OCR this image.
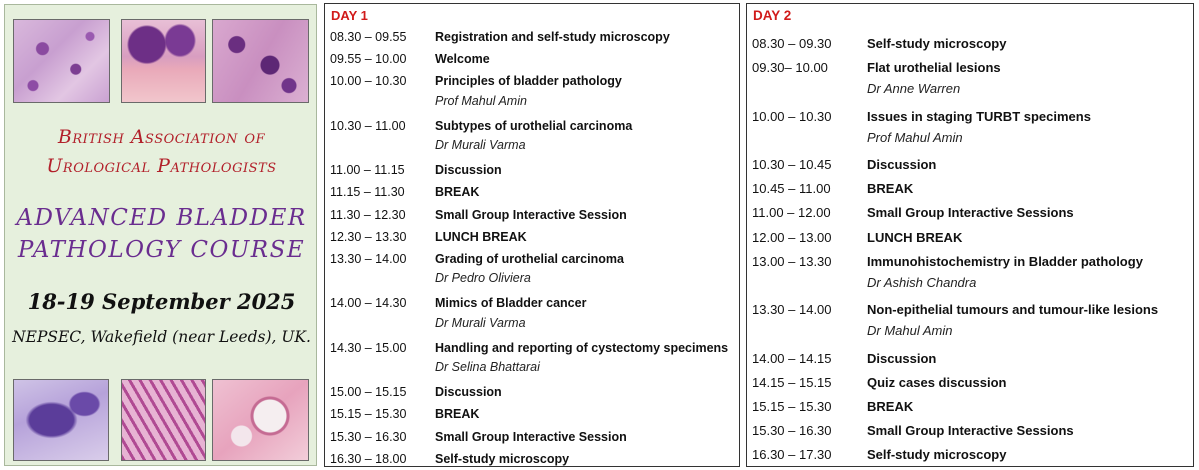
British Association of
Urological Pathologists
ADVANCED BLADDER
PATHOLOGY COURSE
18-19 September 2025
NEPSEC, Wakefield (near Leeds), UK.
DAY 1
08.30 – 09.55 Registration and self-study microscopy
09.55 – 10.00 Welcome
10.00 – 10.30 Principles of bladder pathology
Prof Mahul Amin
10.30 – 11.00 Subtypes of urothelial carcinoma
Dr Murali Varma
11.00 – 11.15 Discussion
11.15 – 11.30 BREAK
11.30 – 12.30 Small Group Interactive Session
12.30 – 13.30 LUNCH BREAK
13.30 – 14.00 Grading of urothelial carcinoma
Dr Pedro Oliviera
14.00 – 14.30 Mimics of Bladder cancer
Dr Murali Varma
14.30 – 15.00 Handling and reporting of cystectomy specimens
Dr Selina Bhattarai
15.00 – 15.15 Discussion
15.15 – 15.30 BREAK
15.30 – 16.30 Small Group Interactive Session
16.30 – 18.00 Self-study microscopy
DAY 2
08.30 – 09.30	Self-study microscopy
09.30– 10.00	Flat urothelial lesions
Dr Anne Warren
10.00 – 10.30	Issues in staging TURBT specimens
Prof Mahul Amin
10.30 – 10.45	Discussion
10.45 – 11.00	BREAK
11.00 – 12.00	Small Group Interactive Sessions
12.00 – 13.00	LUNCH BREAK
13.00 – 13.30	Immunohistochemistry in Bladder pathology
Dr Ashish Chandra
13.30 – 14.00	Non-epithelial tumours and tumour-like lesions
Dr Mahul Amin
14.00 – 14.15	Discussion
14.15 – 15.15	Quiz cases discussion
15.15 – 15.30	BREAK
15.30 – 16.30	Small Group Interactive Sessions
16.30 – 17.30	Self-study microscopy
